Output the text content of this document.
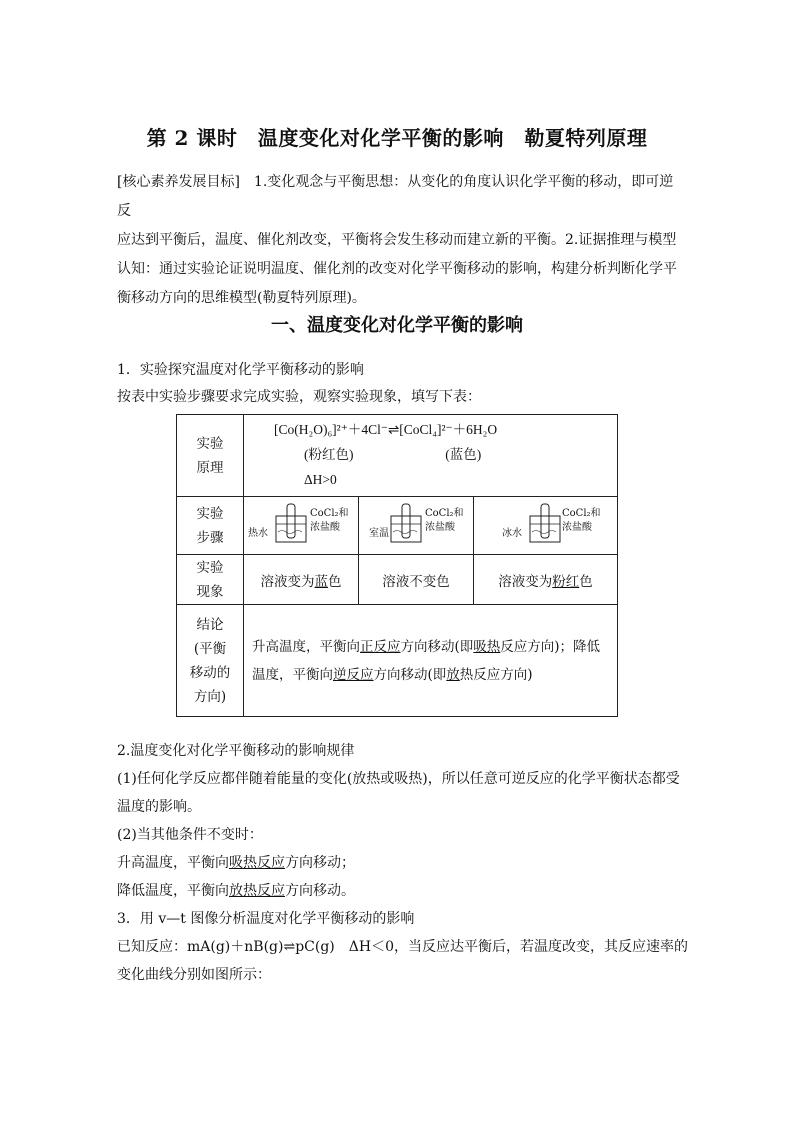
第 2 课时　温度变化对化学平衡的影响　勒夏特列原理
[核心素养发展目标]　1.变化观念与平衡思想：从变化的角度认识化学平衡的移动，即可逆反
应达到平衡后，温度、催化剂改变，平衡将会发生移动而建立新的平衡。2.证据推理与模型
认知：通过实验论证说明温度、催化剂的改变对化学平衡移动的影响，构建分析判断化学平
衡移动方向的思维模型(勒夏特列原理)。
一、温度变化对化学平衡的影响
1．实验探究温度对化学平衡移动的影响
按表中实验步骤要求完成实验，观察实验现象，填写下表：
实验原理	[Co(H₂O)₆]²⁺＋4Cl⁻⇌[CoCl₄]²⁻＋6H₂O
(粉红色) (蓝色)
ΔH>0		

实验步骤	热水
CoCl₂和
浓盐酸	室温
CoCl₂和
浓盐酸	冰水
CoCl₂和
浓盐酸

实验现象	溶液变为蓝色	溶液不变色	溶液变为粉红色

结论(平衡移动的方向)	升高温度，平衡向正反应方向移动(即吸热反应方向)；降低
温度，平衡向逆反应方向移动(即放热反应方向)		
2.温度变化对化学平衡移动的影响规律
(1)任何化学反应都伴随着能量的变化(放热或吸热)，所以任意可逆反应的化学平衡状态都受
温度的影响。
(2)当其他条件不变时：
升高温度，平衡向吸热反应方向移动；
降低温度，平衡向放热反应方向移动。
3．用 v—t 图像分析温度对化学平衡移动的影响
已知反应：mA(g)＋nB(g)⇌pC(g)　ΔH＜0，当反应达平衡后，若温度改变，其反应速率的
变化曲线分别如图所示：
